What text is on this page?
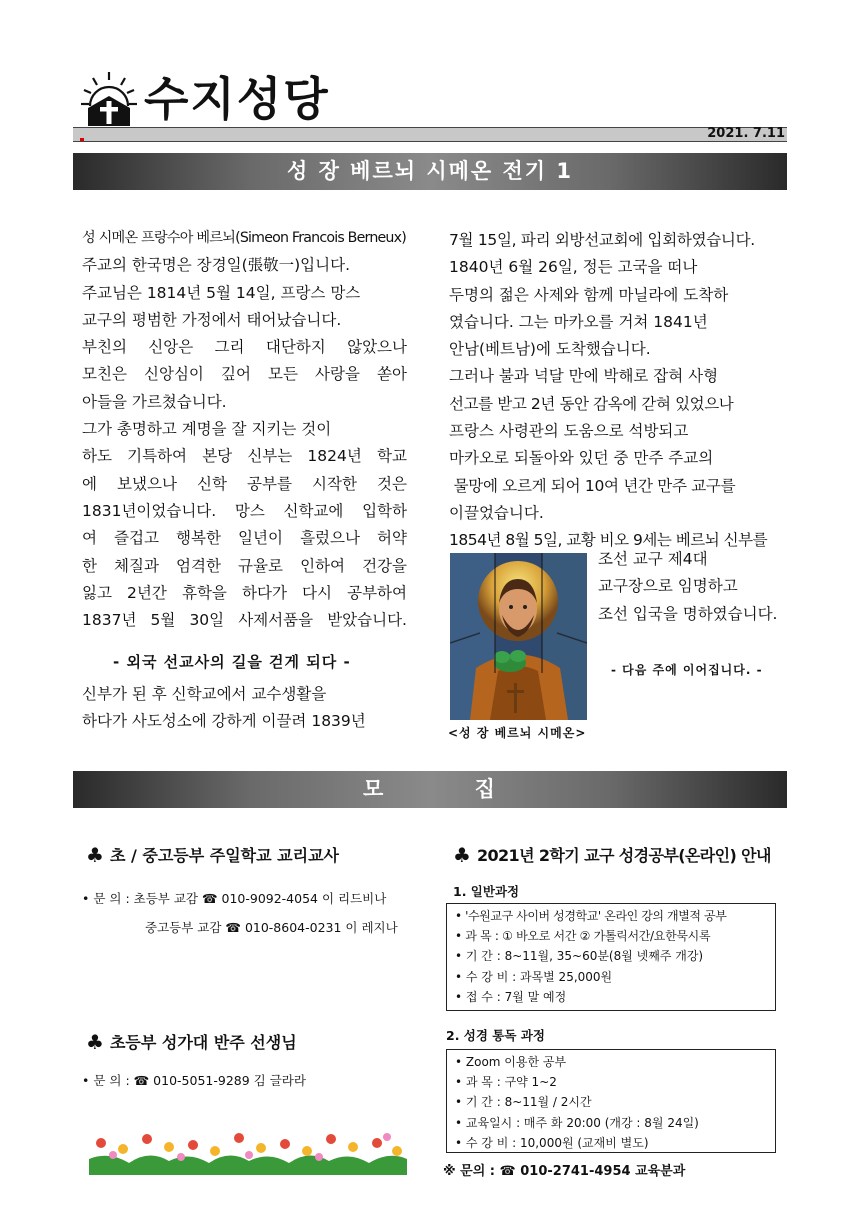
수지성당
2021. 7.11
성 장 베르뇌 시메온 전기 1

성 시메온 프랑수아 베르뇌(Simeon Francois Berneux)

주교의 한국명은 장경일(張敬一)입니다.

주교님은 1814년 5월 14일, 프랑스 망스

교구의 평범한 가정에서 태어났습니다.

부친의 신앙은 그리 대단하지 않았으나

모친은 신앙심이 깊어 모든 사랑을 쏟아

아들을 가르쳤습니다.

그가 총명하고 계명을 잘 지키는 것이

하도 기특하여 본당 신부는 1824년 학교

에 보냈으나 신학 공부를 시작한 것은

1831년이었습니다. 망스 신학교에 입학하

여 즐겁고 행복한 일년이 흘렀으나 허약

한 체질과 엄격한 규율로 인하여 건강을

잃고 2년간 휴학을 하다가 다시 공부하여

1837년 5월 30일 사제서품을 받았습니다.

- 외국 선교사의 길을 걷게 되다 -

신부가 된 후 신학교에서 교수생활을

하다가 사도성소에 강하게 이끌려 1839년

7월 15일, 파리 외방선교회에 입회하였습니다.

1840년 6월 26일, 정든 고국을 떠나

두명의 젊은 사제와 함께 마닐라에 도착하

였습니다. 그는 마카오를 거쳐 1841년

안남(베트남)에 도착했습니다.

그러나 불과 넉달 만에 박해로 잡혀 사형

선고를 받고 2년 동안 감옥에 갇혀 있었으나

프랑스 사령관의 도움으로 석방되고

마카오로 되돌아와 있던 중 만주 주교의

물망에 오르게 되어 10여 년간 만주 교구를

이끌었습니다.

1854년 8월 5일, 교황 비오 9세는 베르뇌 신부를

조선 교구 제4대

교구장으로 임명하고

조선 입국을 명하였습니다.

- 다음 주에 이어집니다. -
<성 장 베르뇌 시메온>
모 집
♣ 초 / 중고등부 주일학교 교리교사
• 문 의 : 초등부 교감 ☎ 010-9092-4054 이 리드비나
중고등부 교감 ☎ 010-8604-0231 이 레지나
♣ 초등부 성가대 반주 선생님
• 문 의 : ☎ 010-5051-9289 김 글라라
♣ 2021년 2학기 교구 성경공부(온라인) 안내
1. 일반과정
• '수원교구 사이버 성경학교' 온라인 강의 개별적 공부
• 과 목 : ① 바오로 서간 ② 가톨릭서간/요한묵시록
• 기 간 : 8~11월, 35~60분(8월 넷째주 개강)
• 수 강 비 : 과목별 25,000원
• 접 수 : 7월 말 예정
2. 성경 통독 과정
• Zoom 이용한 공부
• 과 목 : 구약 1~2
• 기 간 : 8~11월 / 2시간
• 교육일시 : 매주 화 20:00 (개강 : 8월 24일)
• 수 강 비 : 10,000원 (교재비 별도)
※ 문의 : ☎ 010-2741-4954 교육분과
